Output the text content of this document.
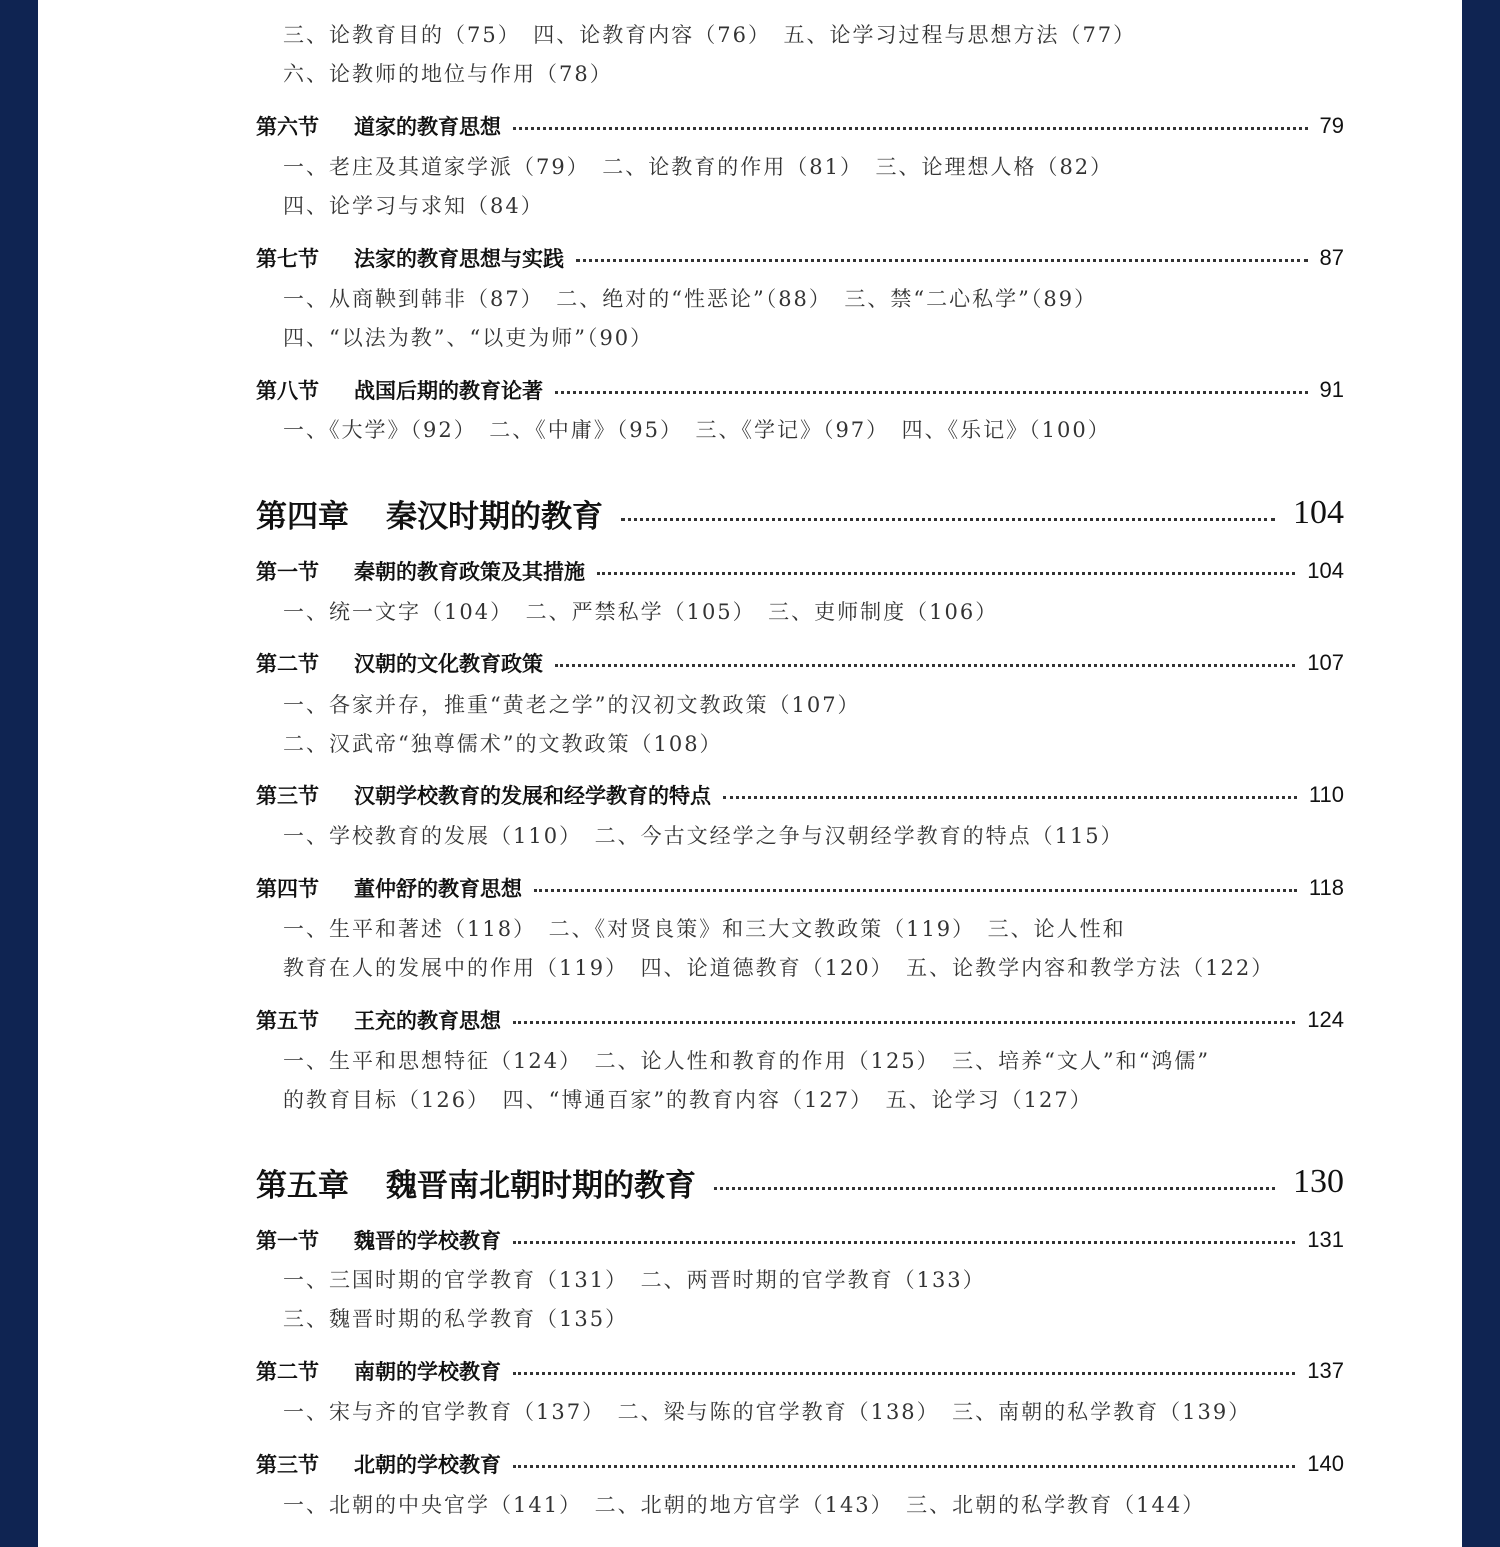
三、论教育目的（75）　四、论教育内容（76）　五、论学习过程与思想方法（77）
六、论教师的地位与作用（78）
第六节	道家的教育思想	79
一、老庄及其道家学派（79）　二、论教育的作用（81）　三、论理想人格（82）
四、论学习与求知（84）
第七节	法家的教育思想与实践	87
一、从商鞅到韩非（87）　二、绝对的“性恶论”（88）　三、禁“二心私学”（89）
四、“以法为教”、“以吏为师”（90）
第八节	战国后期的教育论著	91
一、《大学》（92）　二、《中庸》（95）　三、《学记》（97）　四、《乐记》（100）
第四章	秦汉时期的教育	104
第一节	秦朝的教育政策及其措施	104
一、统一文字（104）　二、严禁私学（105）　三、吏师制度（106）
第二节	汉朝的文化教育政策	107
一、各家并存，推重“黄老之学”的汉初文教政策（107）
二、汉武帝“独尊儒术”的文教政策（108）
第三节	汉朝学校教育的发展和经学教育的特点	110
一、学校教育的发展（110）　二、今古文经学之争与汉朝经学教育的特点（115）
第四节	董仲舒的教育思想	118
一、生平和著述（118）　二、《对贤良策》和三大文教政策（119）　三、论人性和
教育在人的发展中的作用（119）　四、论道德教育（120）　五、论教学内容和教学方法（122）
第五节	王充的教育思想	124
一、生平和思想特征（124）　二、论人性和教育的作用（125）　三、培养“文人”和“鸿儒”
的教育目标（126）　四、“博通百家”的教育内容（127）　五、论学习（127）
第五章	魏晋南北朝时期的教育	130
第一节	魏晋的学校教育	131
一、三国时期的官学教育（131）　二、两晋时期的官学教育（133）
三、魏晋时期的私学教育（135）
第二节	南朝的学校教育	137
一、宋与齐的官学教育（137）　二、梁与陈的官学教育（138）　三、南朝的私学教育（139）
第三节	北朝的学校教育	140
一、北朝的中央官学（141）　二、北朝的地方官学（143）　三、北朝的私学教育（144）
